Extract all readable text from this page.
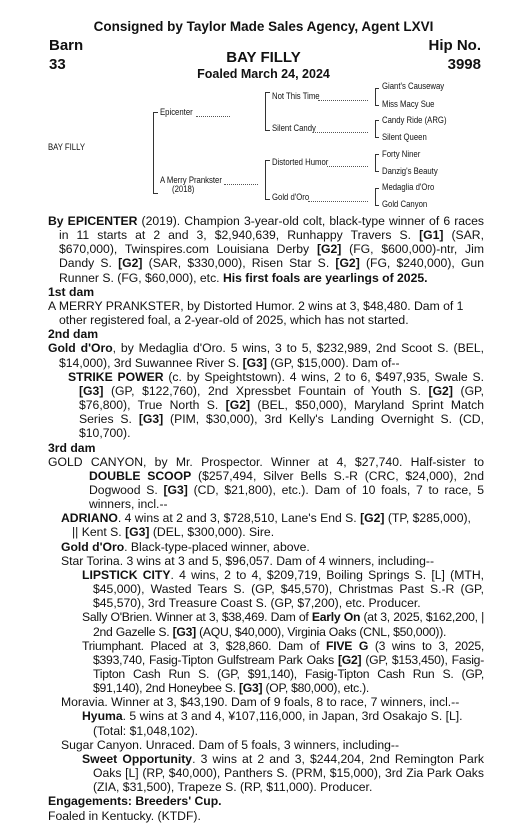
Consigned by Taylor Made Sales Agency, Agent LXVI
Barn
33
Hip No.
3998
BAY FILLY
Foaled March 24, 2024
BAY FILLY
Epicenter
A Merry Prankster
(2018)
Not This Time
Silent Candy
Distorted Humor
Gold d'Oro
Giant's Causeway
Miss Macy Sue
Candy Ride (ARG)
Silent Queen
Forty Niner
Danzig's Beauty
Medaglia d'Oro
Gold Canyon

By EPICENTER (2019). Champion 3-year-old colt, black-type winner of 6 races in 11 starts at 2 and 3, $2,940,639, Runhappy Travers S. [G1] (SAR, $670,000), Twinspires.com Louisiana Derby [G2] (FG, $600,000)-ntr, Jim Dandy S. [G2] (SAR, $330,000), Risen Star S. [G2] (FG, $240,000), Gun Runner S. (FG, $60,000), etc. His first foals are yearlings of 2025.

1st dam

A MERRY PRANKSTER, by Distorted Humor. 2 wins at 3, $48,480. Dam of 1 other registered foal, a 2-year-old of 2025, which has not started.

2nd dam

Gold d'Oro, by Medaglia d'Oro. 5 wins, 3 to 5, $232,989, 2nd Scoot S. (BEL, $14,000), 3rd Suwannee River S. [G3] (GP, $15,000). Dam of--

STRIKE POWER (c. by Speightstown). 4 wins, 2 to 6, $497,935, Swale S. [G3] (GP, $122,760), 2nd Xpressbet Fountain of Youth S. [G2] (GP, $76,800), True North S. [G2] (BEL, $50,000), Maryland Sprint Match Series S. [G3] (PIM, $30,000), 3rd Kelly's Landing Overnight S. (CD, $10,700).

3rd dam

GOLD CANYON, by Mr. Prospector. Winner at 4, $27,740. Half-sister to DOUBLE SCOOP ($257,494, Silver Bells S.-R (CRC, $24,000), 2nd Dogwood S. [G3] (CD, $21,800), etc.). Dam of 10 foals, 7 to race, 5 winners, incl.--

ADRIANO. 4 wins at 2 and 3, $728,510, Lane's End S. [G2] (TP, $285,000),
|| Kent S. [G3] (DEL, $300,000). Sire.

Gold d'Oro. Black-type-placed winner, above.

Star Torina. 3 wins at 3 and 5, $96,057. Dam of 4 winners, including--

LIPSTICK CITY. 4 wins, 2 to 4, $209,719, Boiling Springs S. [L] (MTH, $45,000), Wasted Tears S. (GP, $45,570), Christmas Past S.-R (GP, $45,570), 3rd Treasure Coast S. (GP, $7,200), etc. Producer.

Sally O'Brien. Winner at 3, $38,469. Dam of Early On (at 3, 2025, $162,200, | 2nd Gazelle S. [G3] (AQU, $40,000), Virginia Oaks (CNL, $50,000)).

Triumphant. Placed at 3, $28,860. Dam of FIVE G (3 wins to 3, 2025, $393,740, Fasig-Tipton Gulfstream Park Oaks [G2] (GP, $153,450), Fasig-Tipton Cash Run S. (GP, $91,140), Fasig-Tipton Cash Run S. (GP, $91,140), 2nd Honeybee S. [G3] (OP, $80,000), etc.).

Moravia. Winner at 3, $43,190. Dam of 9 foals, 8 to race, 7 winners, incl.--

Hyuma. 5 wins at 3 and 4, ¥107,116,000, in Japan, 3rd Osakajo S. [L]. (Total: $1,048,102).

Sugar Canyon. Unraced. Dam of 5 foals, 3 winners, including--

Sweet Opportunity. 3 wins at 2 and 3, $244,204, 2nd Remington Park Oaks [L] (RP, $40,000), Panthers S. (PRM, $15,000), 3rd Zia Park Oaks (ZIA, $31,500), Trapeze S. (RP, $11,000). Producer.

Engagements: Breeders' Cup.

Foaled in Kentucky. (KTDF).
